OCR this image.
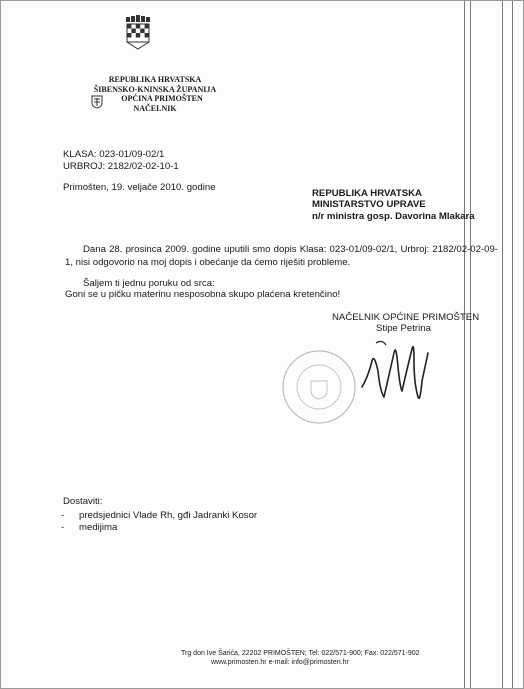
REPUBLIKA HRVATSKA
ŠIBENSKO-KNINSKA ŽUPANIJA
OPĆINA PRIMOŠTEN
NAČELNIK
KLASA: 023-01/09-02/1
URBROJ: 2182/02-02-10-1
Primošten, 19. veljače 2010. godine
REPUBLIKA HRVATSKA
MINISTARSTVO UPRAVE
n/r ministra gosp. Davorina Mlakara
Dana 28. prosinca 2009. godine uputili smo dopis Klasa: 023-01/09-02/1, Urbroj: 2182/02-02-09-1, nisi odgovorio na moj dopis i obećanje da ćemo riješiti probleme.
Šaljem ti jednu poruku od srca:
Goni se u pičku materinu nesposobna skupo plaćena kretenčino!
NAČELNIK OPĆINE PRIMOŠTEN
Stipe Petrina
Dostaviti:
- predsjednici Vlade Rh, gđi Jadranki Kosor
- medijima
Trg don Ive Šarića, 22202 PRIMOŠTEN; Tel: 022/571-900; Fax: 022/571-902
www.primosten.hr e-mail: info@primosten.hr
